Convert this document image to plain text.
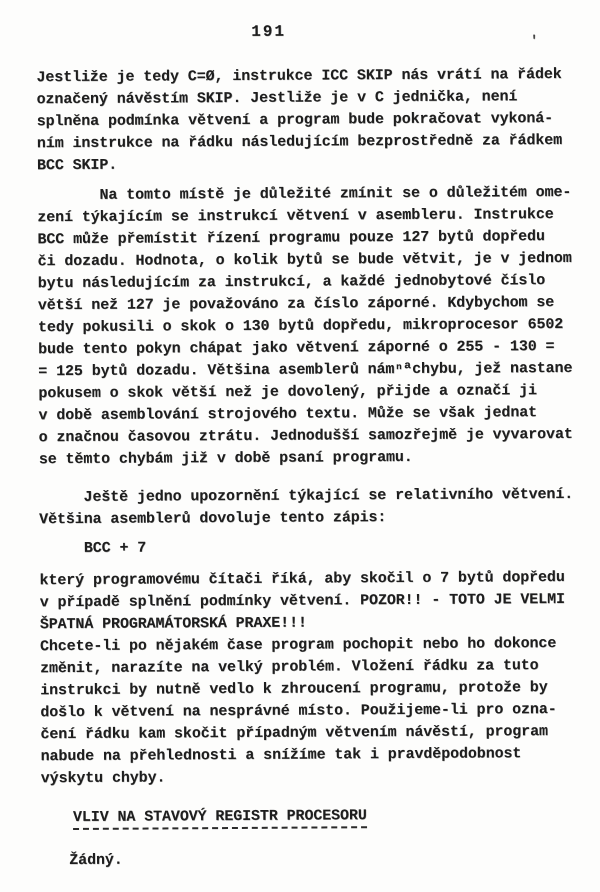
191	'
Jestliže je tedy C=Ø, instrukce ICC SKIP nás vrátí na řádek
označený návěstím SKIP. Jestliže je v C jednička, není
splněna podmínka větvení a program bude pokračovat vykoná-
ním instrukce na řádku následujícím bezprostředně za řádkem
BCC SKIP.
Na tomto místě je důležité zmínit se o důležitém ome-
zení týkajícím se instrukcí větvení v asembleru. Instrukce
BCC může přemístit řízení programu pouze 127 bytů dopředu
či dozadu. Hodnota, o kolik bytů se bude větvit, je v jednom
bytu následujícím za instrukcí, a každé jednobytové číslo
větší než 127 je považováno za číslo záporné. Kdybychom se
tedy pokusili o skok o 130 bytů dopředu, mikroprocesor 6502
bude tento pokyn chápat jako větvení záporné o 255 - 130 =
= 125 bytů dozadu. Většina asemblerů námⁿªchybu, jež nastane
pokusem o skok větší než je dovolený, přijde a označí ji
v době asemblování strojového textu. Může se však jednat
o značnou časovou ztrátu. Jednodušší samozřejmě je vyvarovat
se těmto chybám již v době psaní programu.
Ještě jedno upozornění týkající se relativního větvení.
Většina asemblerů dovoluje tento zápis:
BCC + 7
který programovému čítači říká, aby skočil o 7 bytů dopředu
v případě splnění podmínky větvení. POZOR!! - TOTO JE VELMI
ŠPATNÁ PROGRAMÁTORSKÁ PRAXE!!!
Chcete-li po nějakém čase program pochopit nebo ho dokonce
změnit, narazíte na velký problém. Vložení řádku za tuto
instrukci by nutně vedlo k zhroucení programu, protože by
došlo k větvení na nesprávné místo. Použijeme-li pro ozna-
čení řádku kam skočit případným větvením návěstí, program
nabude na přehlednosti a snížíme tak i pravděpodobnost
výskytu chyby.
VLIV NA STAVOVÝ REGISTR PROCESORU
Žádný.
